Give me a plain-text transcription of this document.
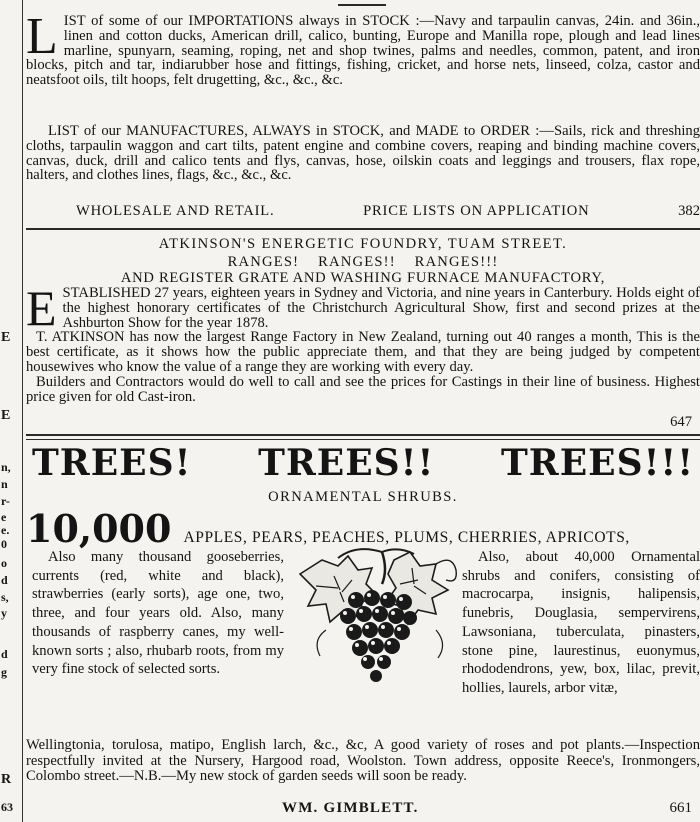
E
E
n,
n
r-
e
e.
0
o
d
s,
y
d
g
R
63
L IST of some of our IMPORTATIONS always in STOCK :—Navy and tarpaulin canvas, 24in. and 36in., linen and cotton ducks, American drill, calico, bunting, Europe and Manilla rope, plough and lead lines marline, spunyarn, seaming, roping, net and shop twines, palms and needles, common, patent, and iron blocks, pitch and tar, indiarubber hose and fittings, fishing, cricket, and horse nets, linseed, colza, castor and neatsfoot oils, tilt hoops, felt drugetting, &c., &c., &c.

LIST of our MANUFACTURES, ALWAYS in STOCK, and MADE to ORDER :—Sails, rick and threshing cloths, tarpaulin waggon and cart tilts, patent engine and combine covers, reaping and binding machine covers, canvas, duck, drill and calico tents and flys, canvas, hose, oilskin coats and leggings and trousers, flax rope, halters, and clothes lines, flags, &c., &c., &c.

WHOLESALE AND RETAIL.	PRICE LISTS ON APPLICATION	382
ATKINSON'S ENERGETIC FOUNDRY, TUAM STREET.
RANGES! RANGES!! RANGES!!!
AND REGISTER GRATE AND WASHING FURNACE MANUFACTORY,
E STABLISHED 27 years, eighteen years in Sydney and Victoria, and nine years in Canterbury. Holds eight of the highest honorary certificates of the Christchurch Agricultural Show, first and second prizes at the Ashburton Show for the year 1878.

T. ATKINSON has now the largest Range Factory in New Zealand, turning out 40 ranges a month, This is the best certificate, as it shows how the public appreciate them, and that they are being judged by competent housewives who know the value of a range they are working with every day.

Builders and Contractors would do well to call and see the prices for Castings in their line of business. Highest price given for old Cast-iron.

647
TREES! TREES!! TREES!!!
ORNAMENTAL SHRUBS.
10,000 APPLES, PEARS, PEACHES, PLUMS, CHERRIES, APRICOTS,
Also many thousand gooseberries, currents (red, white and black), strawberries (early sorts), age one, two, three, and four years old. Also, many thousands of raspberry canes, my well-known sorts ; also, rhubarb roots, from my very fine stock of selected sorts.
Also, about 40,000 Ornamental shrubs and conifers, consisting of macrocarpa, insignis, halipensis, funebris, Douglasia, sempervirens, Lawsoniana, tuberculata, pinasters, stone pine, laurestinus, euonymus, rhododendrons, yew, box, lilac, previt, hollies, laurels, arbor vitæ,
Wellingtonia, torulosa, matipo, English larch, &c., &c, A good variety of roses and pot plants.—Inspection respectfully invited at the Nursery, Hargood road, Woolston. Town address, opposite Reece's, Ironmongers, Colombo street.—N.B.—My new stock of garden seeds will soon be ready.
WM. GIMBLETT.	661
